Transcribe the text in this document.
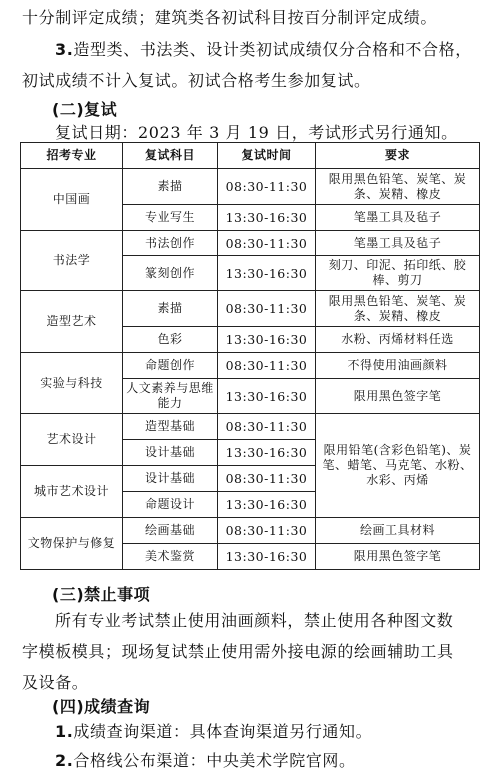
十分制评定成绩；建筑类各初试科目按百分制评定成绩。
3.造型类、书法类、设计类初试成绩仅分合格和不合格，
初试成绩不计入复试。初试合格考生参加复试。
(二)复试
复试日期：2023 年 3 月 19 日，考试形式另行通知。
招考专业	复试科目	复试时间	要求
中国画	素描	08:30-11:30	限用黑色铅笔、炭笔、炭条、炭精、橡皮
	专业写生	13:30-16:30	笔墨工具及毡子
书法学	书法创作	08:30-11:30	笔墨工具及毡子
	篆刻创作	13:30-16:30	刻刀、印泥、拓印纸、胶棒、剪刀
造型艺术	素描	08:30-11:30	限用黑色铅笔、炭笔、炭条、炭精、橡皮
	色彩	13:30-16:30	水粉、丙烯材料任选
实验与科技	命题创作	08:30-11:30	不得使用油画颜料
	人文素养与思维能力	13:30-16:30	限用黑色签字笔
艺术设计	造型基础	08:30-11:30	限用铅笔(含彩色铅笔)、炭笔、蜡笔、马克笔、水粉、水彩、丙烯
	设计基础	13:30-16:30	
城市艺术设计	设计基础	08:30-11:30	
	命题设计	13:30-16:30	
文物保护与修复	绘画基础	08:30-11:30	绘画工具材料
	美术鉴赏	13:30-16:30	限用黑色签字笔
(三)禁止事项
所有专业考试禁止使用油画颜料，禁止使用各种图文数
字模板模具；现场复试禁止使用需外接电源的绘画辅助工具
及设备。
(四)成绩查询
1.成绩查询渠道：具体查询渠道另行通知。
2.合格线公布渠道：中央美术学院官网。
